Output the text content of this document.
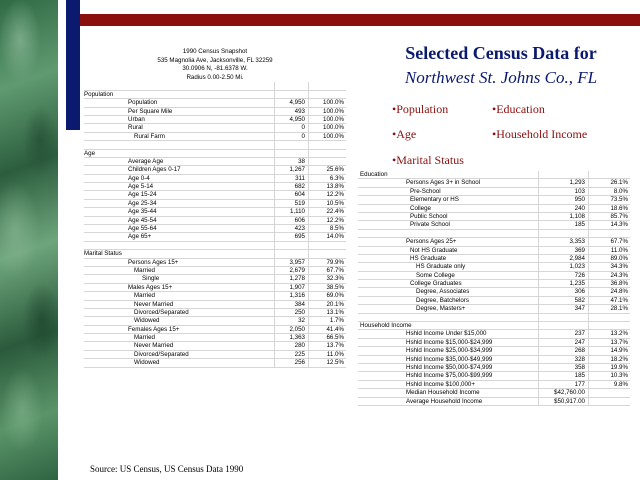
1990 Census Snapshot
535 Magnolia Ave, Jacksonville, FL 32259
30.0906 N, -81.6378 W.
Radius 0.00-2.50 Mi.
Population
Population	4,950	100.0%
Per Square Mile	493	100.0%
Urban	4,950	100.0%
Rural	0	100.0%
Rural Farm	0	100.0%
Age
Average Age	38
Children Ages 0-17	1,267	25.6%
Age 0-4	311	6.3%
Age 5-14	682	13.8%
Age 15-24	604	12.2%
Age 25-34	519	10.5%
Age 35-44	1,110	22.4%
Age 45-54	606	12.2%
Age 55-64	423	8.5%
Age 65+	695	14.0%
Marital Status
Persons Ages 15+	3,957	79.9%
Married	2,679	67.7%
Single	1,278	32.3%
Males Ages 15+	1,907	38.5%
Married	1,316	69.0%
Never Married	384	20.1%
Divorced/Separated	250	13.1%
Widowed	32	1.7%
Females Ages 15+	2,050	41.4%
Married	1,363	66.5%
Never Married	280	13.7%
Divorced/Separated	225	11.0%
Widowed	256	12.5%
Selected Census Data for
Northwest St. Johns Co., FL
•Population	•Education
•Age	•Household Income
•Marital Status
Education
Persons Ages 3+ in School	1,293	26.1%
Pre-School	103	8.0%
Elementary or HS	950	73.5%
College	240	18.6%
Public School	1,108	85.7%
Private School	185	14.3%
Persons Ages 25+	3,353	67.7%
Not HS Graduate	369	11.0%
HS Graduate	2,984	89.0%
HS Graduate only	1,023	34.3%
Some College	726	24.3%
College Graduates	1,235	36.8%
Degree, Associates	306	24.8%
Degree, Batchelors	582	47.1%
Degree, Masters+	347	28.1%
Household Income
Hshld Income Under $15,000	237	13.2%
Hshld Income $15,000-$24,999	247	13.7%
Hshld Income $25,000-$34,999	268	14.9%
Hshld Income $35,000-$49,999	328	18.2%
Hshld Income $50,000-$74,999	358	19.9%
Hshld Income $75,000-$99,999	185	10.3%
Hshld Income $100,000+	177	9.8%
Median Household Income	$42,760.00
Average Household Income	$50,917.00
Source: US Census, US Census Data 1990
